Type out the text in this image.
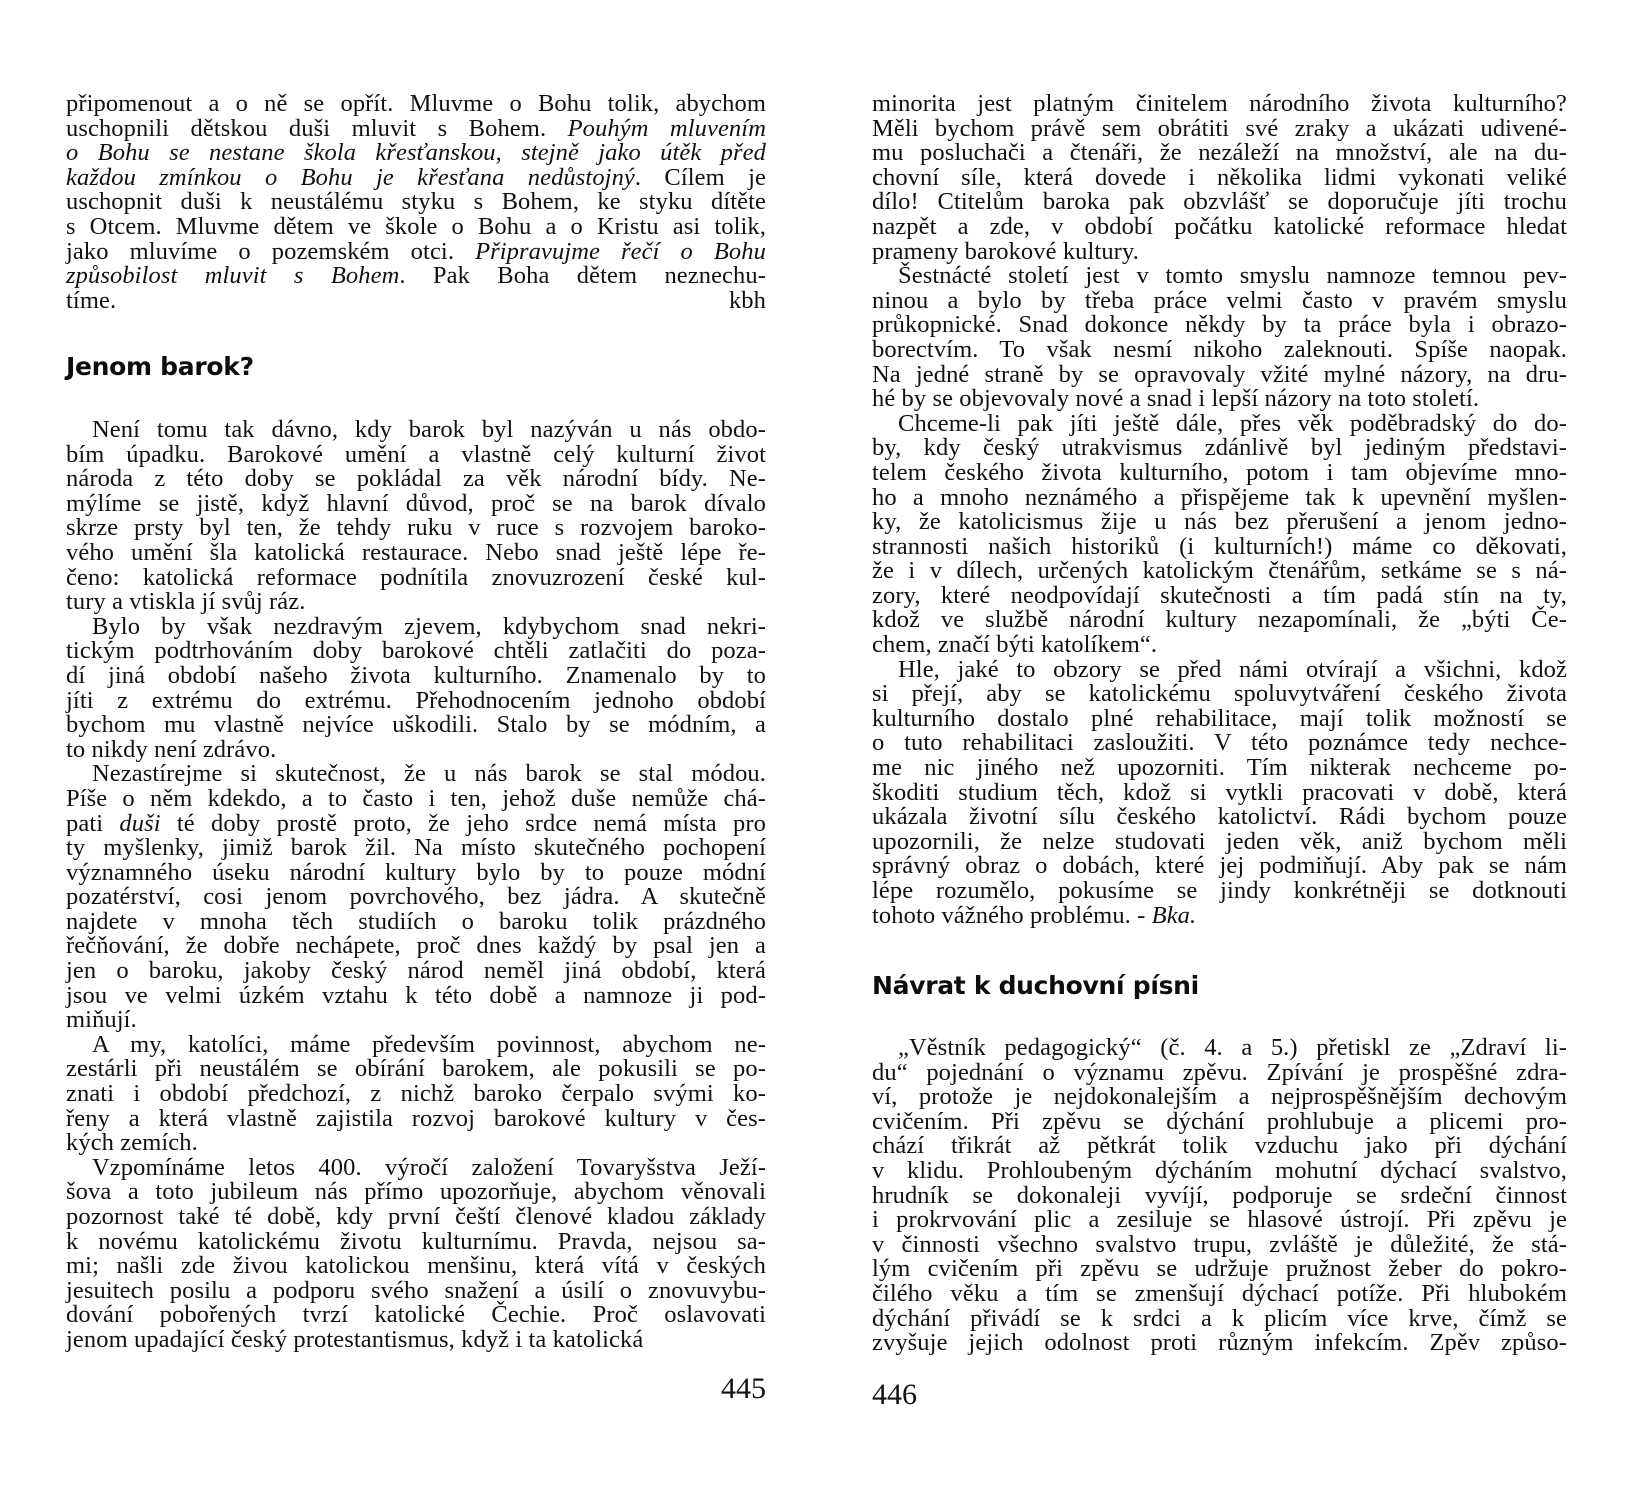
připomenout a o ně se opřít. Mluvme o Bohu tolik, abychom
uschopnili dětskou duši mluvit s Bohem. Pouhým mluvením
o Bohu se nestane škola křesťanskou, stejně jako útěk před
každou zmínkou o Bohu je křesťana nedůstojný. Cílem je
uschopnit duši k neustálému styku s Bohem, ke styku dítěte
s Otcem. Mluvme dětem ve škole o Bohu a o Kristu asi tolik,
jako mluvíme o pozemském otci. Připravujme řečí o Bohu
způsobilost mluvit s Bohem. Pak Boha dětem neznechu-
tíme.	kbh
Jenom barok?
Není tomu tak dávno, kdy barok byl nazýván u nás obdo-
bím úpadku. Barokové umění a vlastně celý kulturní život
národa z této doby se pokládal za věk národní bídy. Ne-
mýlíme se jistě, když hlavní důvod, proč se na barok dívalo
skrze prsty byl ten, že tehdy ruku v ruce s rozvojem baroko-
vého umění šla katolická restaurace. Nebo snad ještě lépe ře-
čeno: katolická reformace podnítila znovuzrození české kul-
tury a vtiskla jí svůj ráz.
Bylo by však nezdravým zjevem, kdybychom snad nekri-
tickým podtrhováním doby barokové chtěli zatlačiti do poza-
dí jiná období našeho života kulturního. Znamenalo by to
jíti z extrému do extrému. Přehodnocením jednoho období
bychom mu vlastně nejvíce uškodili. Stalo by se módním, a
to nikdy není zdrávo.
Nezastírejme si skutečnost, že u nás barok se stal módou.
Píše o něm kdekdo, a to často i ten, jehož duše nemůže chá-
pati duši té doby prostě proto, že jeho srdce nemá místa pro
ty myšlenky, jimiž barok žil. Na místo skutečného pochopení
významného úseku národní kultury bylo by to pouze módní
pozatérství, cosi jenom povrchového, bez jádra. A skutečně
najdete v mnoha těch studiích o baroku tolik prázdného
řečňování, že dobře nechápete, proč dnes každý by psal jen a
jen o baroku, jakoby český národ neměl jiná období, která
jsou ve velmi úzkém vztahu k této době a namnoze ji pod-
miňují.
A my, katolíci, máme především povinnost, abychom ne-
zestárli při neustálém se obírání barokem, ale pokusili se po-
znati i období předchozí, z nichž baroko čerpalo svými ko-
řeny a která vlastně zajistila rozvoj barokové kultury v čes-
kých zemích.
Vzpomínáme letos 400. výročí založení Tovaryšstva Ježí-
šova a toto jubileum nás přímo upozorňuje, abychom věnovali
pozornost také té době, kdy první čeští členové kladou základy
k novému katolickému životu kulturnímu. Pravda, nejsou sa-
mi; našli zde živou katolickou menšinu, která vítá v českých
jesuitech posilu a podporu svého snažení a úsilí o znovuvybu-
dování pobořených tvrzí katolické Čechie. Proč oslavovati
jenom upadající český protestantismus, když i ta katolická
445
minorita jest platným činitelem národního života kulturního?
Měli bychom právě sem obrátiti své zraky a ukázati udivené-
mu posluchači a čtenáři, že nezáleží na množství, ale na du-
chovní síle, která dovede i několika lidmi vykonati veliké
dílo! Ctitelům baroka pak obzvlášť se doporučuje jíti trochu
nazpět a zde, v období počátku katolické reformace hledat
prameny barokové kultury.
Šestnácté století jest v tomto smyslu namnoze temnou pev-
ninou a bylo by třeba práce velmi často v pravém smyslu
průkopnické. Snad dokonce někdy by ta práce byla i obrazo-
borectvím. To však nesmí nikoho zaleknouti. Spíše naopak.
Na jedné straně by se opravovaly vžité mylné názory, na dru-
hé by se objevovaly nové a snad i lepší názory na toto století.
Chceme-li pak jíti ještě dále, přes věk poděbradský do do-
by, kdy český utrakvismus zdánlivě byl jediným představi-
telem českého života kulturního, potom i tam objevíme mno-
ho a mnoho neznámého a přispějeme tak k upevnění myšlen-
ky, že katolicismus žije u nás bez přerušení a jenom jedno-
strannosti našich historiků (i kulturních!) máme co děkovati,
že i v dílech, určených katolickým čtenářům, setkáme se s ná-
zory, které neodpovídají skutečnosti a tím padá stín na ty,
kdož ve službě národní kultury nezapomínali, že „býti Če-
chem, značí býti katolíkem“.
Hle, jaké to obzory se před námi otvírají a všichni, kdož
si přejí, aby se katolickému spoluvytváření českého života
kulturního dostalo plné rehabilitace, mají tolik možností se
o tuto rehabilitaci zasloužiti. V této poznámce tedy nechce-
me nic jiného než upozorniti. Tím nikterak nechceme po-
škoditi studium těch, kdož si vytkli pracovati v době, která
ukázala životní sílu českého katolictví. Rádi bychom pouze
upozornili, že nelze studovati jeden věk, aniž bychom měli
správný obraz o dobách, které jej podmiňují. Aby pak se nám
lépe rozumělo, pokusíme se jindy konkrétněji se dotknouti
tohoto vážného problému. - Bka.
Návrat k duchovní písni
„Věstník pedagogický“ (č. 4. a 5.) přetiskl ze „Zdraví li-
du“ pojednání o významu zpěvu. Zpívání je prospěšné zdra-
ví, protože je nejdokonalejším a nejprospěšnějším dechovým
cvičením. Při zpěvu se dýchání prohlubuje a plicemi pro-
chází třikrát až pětkrát tolik vzduchu jako při dýchání
v klidu. Prohloubeným dýcháním mohutní dýchací svalstvo,
hrudník se dokonaleji vyvíjí, podporuje se srdeční činnost
i prokrvování plic a zesiluje se hlasové ústrojí. Při zpěvu je
v činnosti všechno svalstvo trupu, zvláště je důležité, že stá-
lým cvičením při zpěvu se udržuje pružnost žeber do pokro-
čilého věku a tím se zmenšují dýchací potíže. Při hlubokém
dýchání přivádí se k srdci a k plicím více krve, čímž se
zvyšuje jejich odolnost proti různým infekcím. Zpěv způso-
446
